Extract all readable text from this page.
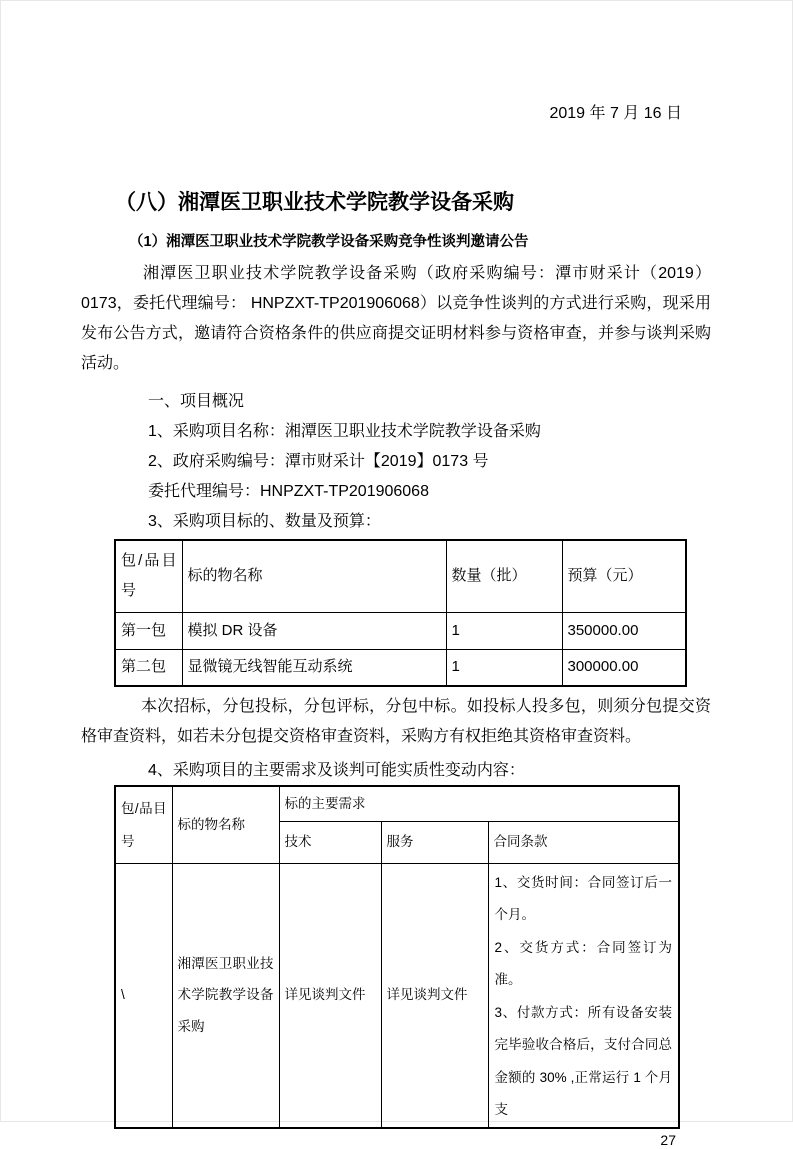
2019 年 7 月 16 日
（八）湘潭医卫职业技术学院教学设备采购
（1）湘潭医卫职业技术学院教学设备采购竞争性谈判邀请公告
湘潭医卫职业技术学院教学设备采购（政府采购编号：潭市财采计（2019）0173，委托代理编号： HNPZXT-TP201906068）以竞争性谈判的方式进行采购，现采用发布公告方式，邀请符合资格条件的供应商提交证明材料参与资格审查，并参与谈判采购活动。
一、项目概况
1、采购项目名称：湘潭医卫职业技术学院教学设备采购
2、政府采购编号：潭市财采计【2019】0173 号
委托代理编号：HNPZXT-TP201906068
3、采购项目标的、数量及预算：
包/品目号	标的物名称	数量（批）	预算（元）
第一包	模拟 DR 设备	1	350000.00
第二包	显微镜无线智能互动系统	1	300000.00
本次招标，分包投标，分包评标，分包中标。如投标人投多包，则须分包提交资格审查资料，如若未分包提交资格审查资料，采购方有权拒绝其资格审查资料。
4、采购项目的主要需求及谈判可能实质性变动内容：
包/品目号	标的物名称	标的主要需求		
		技术	服务	合同条款
\	湘潭医卫职业技术学院教学设备采购	详见谈判文件	详见谈判文件	1、交货时间：合同签订后一个月。

2、交货方式：合同签订为准。

3、付款方式：所有设备安装完毕验收合格后，支付合同总金额的 30% ,正常运行 1 个月支

27
